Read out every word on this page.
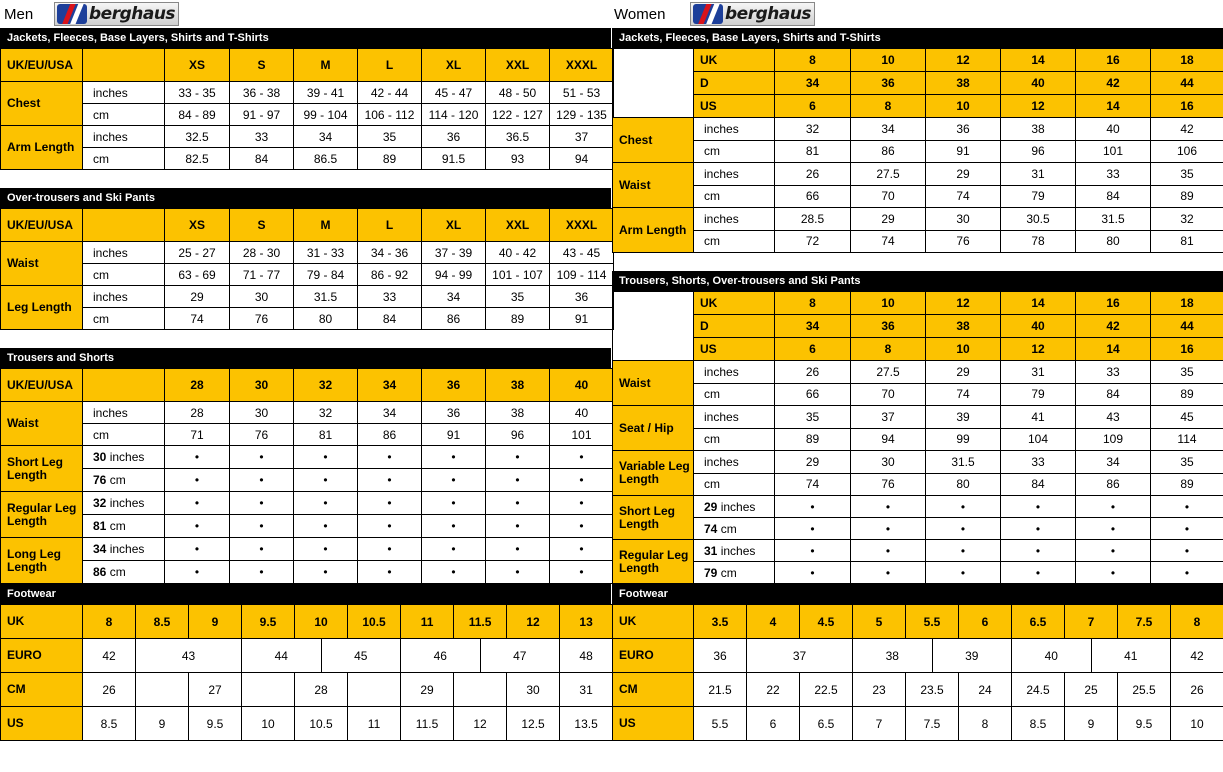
Men	berghaus
Jackets, Fleeces, Base Layers, Shirts and T-Shirts
UK/EU/USA		XS	S	M	L	XL	XXL	XXXL
Chest	inches	33 - 35	36 - 38	39 - 41	42 - 44	45 - 47	48 - 50	51 - 53
	cm	84 - 89	91 - 97	99 - 104	106 - 112	114 - 120	122 - 127	129 - 135
Arm Length	inches	32.5	33	34	35	36	36.5	37
	cm	82.5	84	86.5	89	91.5	93	94
Over-trousers and Ski Pants
UK/EU/USA		XS	S	M	L	XL	XXL	XXXL
Waist	inches	25 - 27	28 - 30	31 - 33	34 - 36	37 - 39	40 - 42	43 - 45
	cm	63 - 69	71 - 77	79 - 84	86 - 92	94 - 99	101 - 107	109 - 114
Leg Length	inches	29	30	31.5	33	34	35	36
	cm	74	76	80	84	86	89	91
Trousers and Shorts
UK/EU/USA		28	30	32	34	36	38	40
Waist	inches	28	30	32	34	36	38	40
	cm	71	76	81	86	91	96	101
Short Leg Length	30 inches	•	•	•	•	•	•	•
	76 cm	•	•	•	•	•	•	•
Regular Leg Length	32 inches	•	•	•	•	•	•	•
	81 cm	•	•	•	•	•	•	•
Long Leg Length	34 inches	•	•	•	•	•	•	•
	86 cm	•	•	•	•	•	•	•
Footwear
UK	8	8.5	9	9.5	10		10.5	11	11.5		12	13
EURO	42	43		44		45		46		47		48
CM	26		27		28			29			30	31
US	8.5	9	9.5	10	10.5		11	11.5	12		12.5	13.5
Women	berghaus
Jackets, Fleeces, Base Layers, Shirts and T-Shirts
	UK	8	10	12	14	16	18
	D	34	36	38	40	42	44
	US	6	8	10	12	14	16
Chest	inches	32	34	36	38	40	42
	cm	81	86	91	96	101	106
Waist	inches	26	27.5	29	31	33	35
	cm	66	70	74	79	84	89
Arm Length	inches	28.5	29	30	30.5	31.5	32
	cm	72	74	76	78	80	81
Trousers, Shorts, Over-trousers and Ski Pants
	UK	8	10	12	14	16	18
	D	34	36	38	40	42	44
	US	6	8	10	12	14	16
Waist	inches	26	27.5	29	31	33	35
	cm	66	70	74	79	84	89
Seat / Hip	inches	35	37	39	41	43	45
	cm	89	94	99	104	109	114
Variable Leg Length	inches	29	30	31.5	33	34	35
	cm	74	76	80	84	86	89
Short Leg Length	29 inches	•	•	•	•	•	•
	74 cm	•	•	•	•	•	•
Regular Leg Length	31 inches	•	•	•	•	•	•
	79 cm	•	•	•	•	•	•
Footwear
UK	3.5	4	4.5	5	5.5		6	6.5	7		7.5	8
EURO	36	37		38		39		40		41		42
CM	21.5	22	22.5	23	23.5		24	24.5	25		25.5	26
US	5.5	6	6.5	7	7.5		8	8.5	9		9.5	10
